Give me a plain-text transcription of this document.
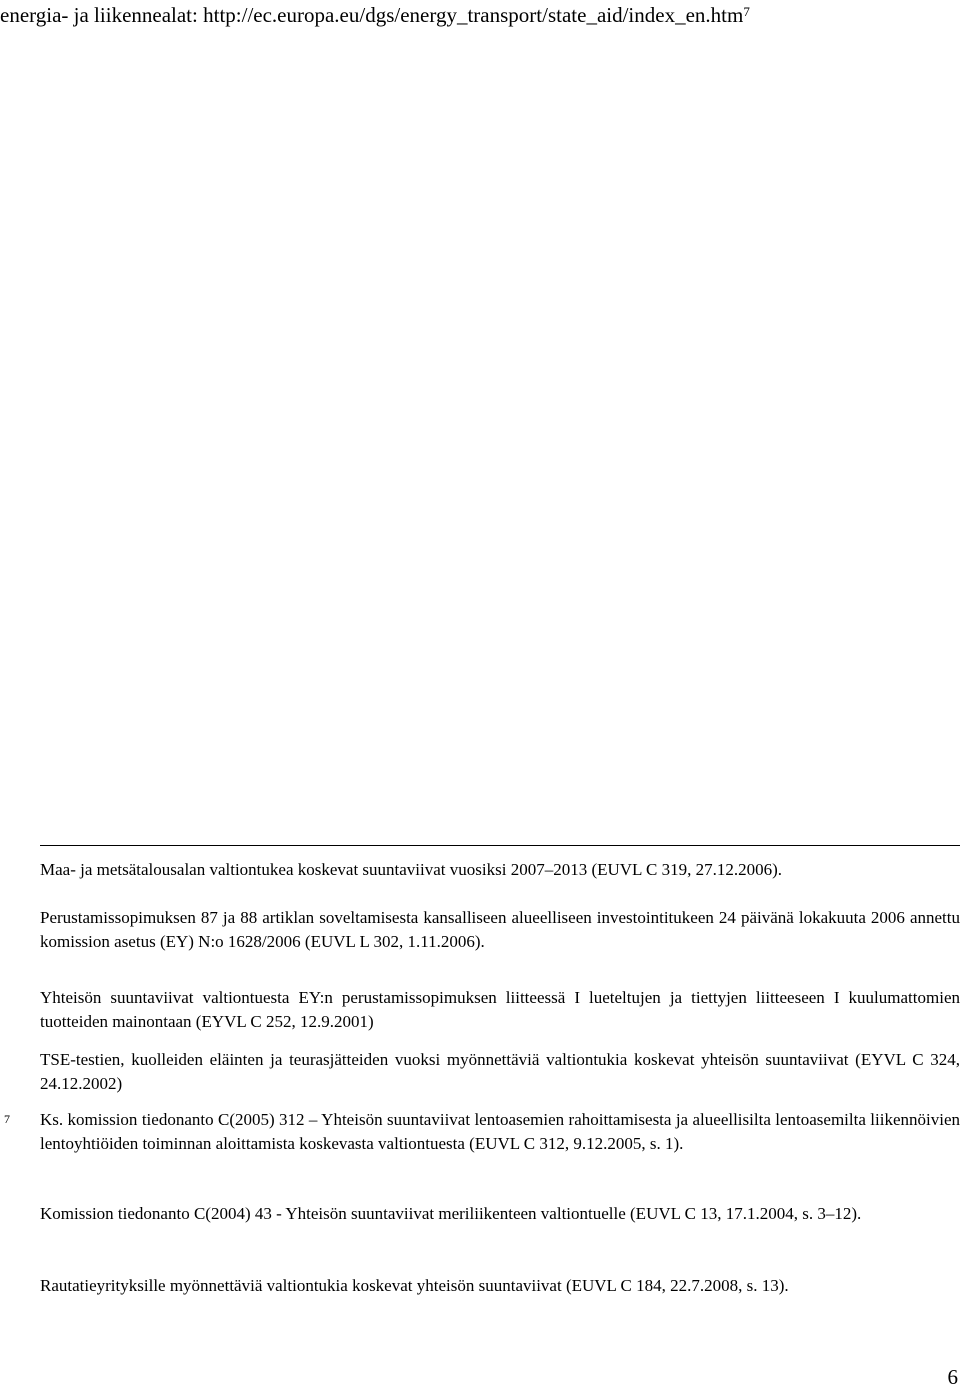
energia- ja liikennealat: http://ec.europa.eu/dgs/energy_transport/state_aid/index_en.htm$^7$
7

Maa- ja metsätalousalan valtiontukea koskevat suuntaviivat vuosiksi 2007–2013 (EUVL C 319, 27.12.2006).

Perustamissopimuksen 87 ja 88 artiklan soveltamisesta kansalliseen alueelliseen investointitukeen 24 päivänä lokakuuta 2006 annettu komission asetus (EY) N:o 1628/2006 (EUVL L 302, 1.11.2006).

Yhteisön suuntaviivat valtiontuesta EY:n perustamissopimuksen liitteessä I lueteltujen ja tiettyjen liitteeseen I kuulumattomien tuotteiden mainontaan (EYVL C 252, 12.9.2001)

TSE-testien, kuolleiden eläinten ja teurasjätteiden vuoksi myönnettäviä valtiontukia koskevat yhteisön suuntaviivat (EYVL C 324, 24.12.2002)

Ks. komission tiedonanto C(2005) 312 – Yhteisön suuntaviivat lentoasemien rahoittamisesta ja alueellisilta lentoasemilta liikennöivien lentoyhtiöiden toiminnan aloittamista koskevasta valtiontuesta (EUVL C 312, 9.12.2005, s. 1).

Komission tiedonanto C(2004) 43 - Yhteisön suuntaviivat meriliikenteen valtiontuelle (EUVL C 13, 17.1.2004, s. 3–12).

Rautatieyrityksille myönnettäviä valtiontukia koskevat yhteisön suuntaviivat (EUVL C 184, 22.7.2008, s. 13).

6
